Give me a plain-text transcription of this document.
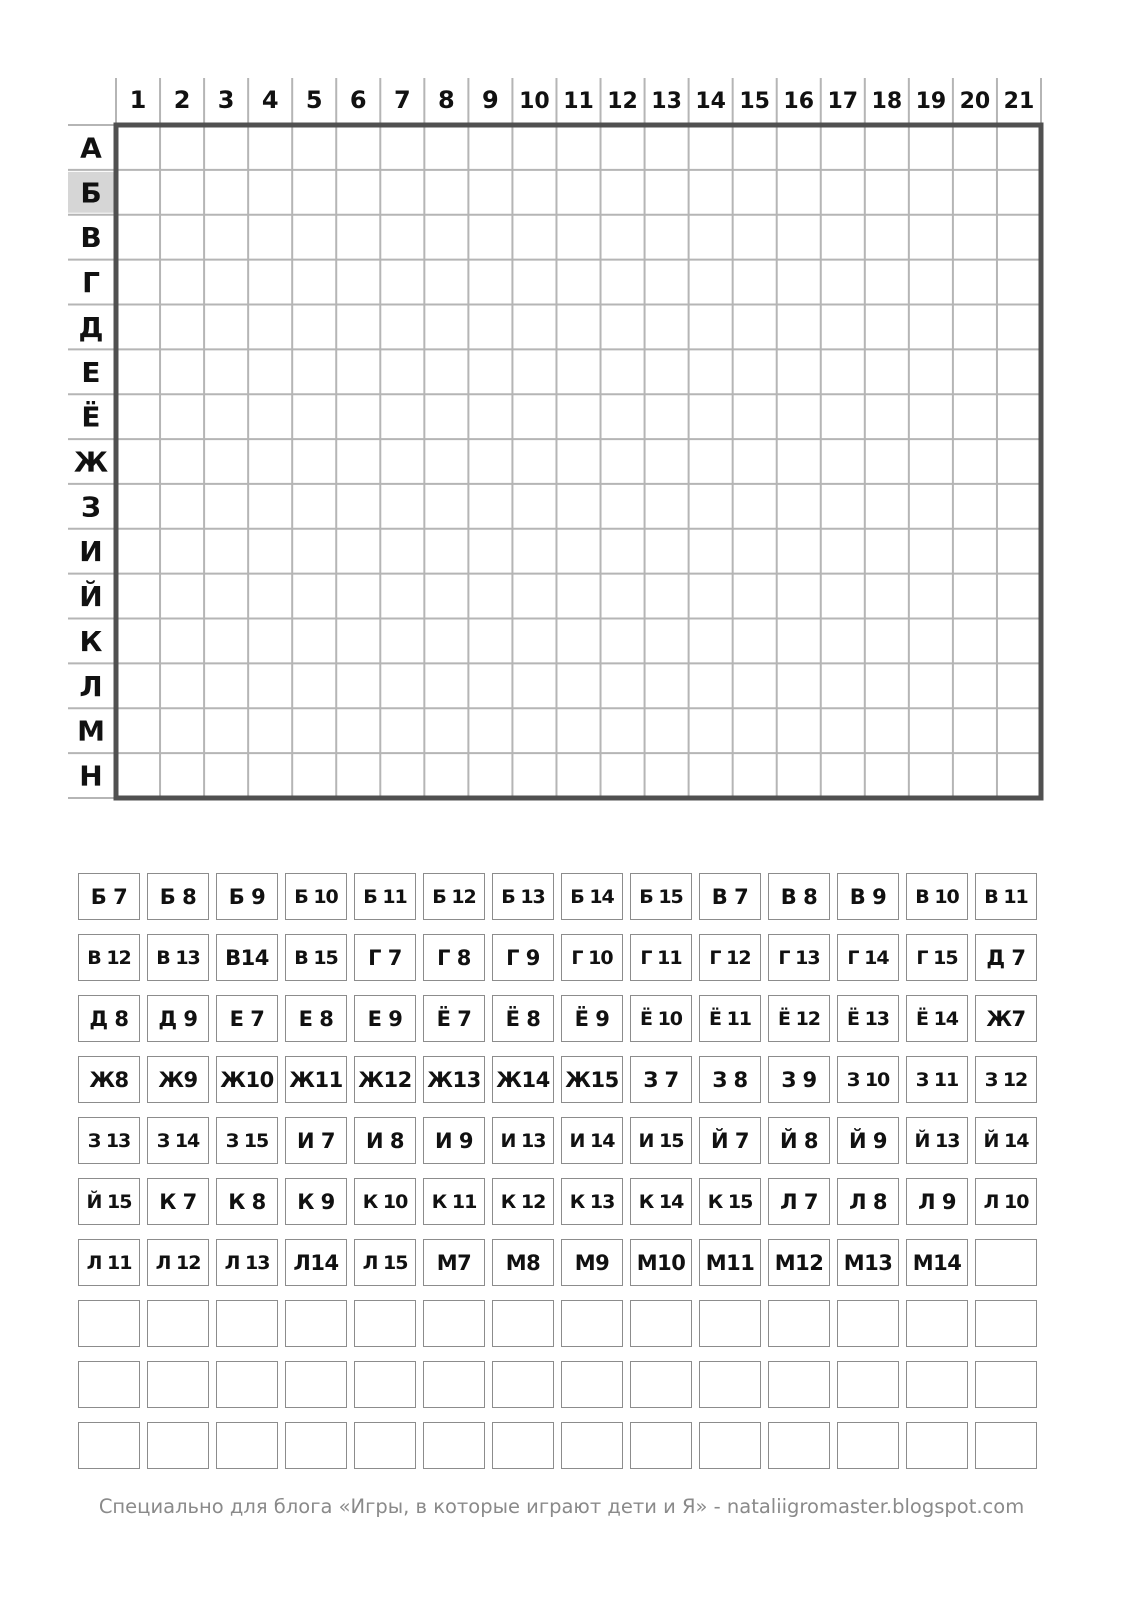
1 2 3 4 5 6 7 8 9 10 11 12 13 14 15 16 17 18 19 20 21
А
Б
В
Г
Д
Е
Ё
Ж
З
И
Й
К
Л
М
Н
Б 7	Б 8	Б 9	Б 10	Б 11	Б 12	Б 13	Б 14	Б 15	В 7	В 8	В 9	В 10	В 11
В 12	В 13	В14	В 15	Г 7	Г 8	Г 9	Г 10	Г 11	Г 12	Г 13	Г 14	Г 15	Д 7
Д 8	Д 9	Е 7	Е 8	Е 9	Ё 7	Ё 8	Ё 9	Ё 10	Ё 11	Ё 12	Ё 13	Ё 14	Ж7
Ж8	Ж9	Ж10 Ж11 Ж12 Ж13 Ж14 Ж15	З 7	З 8	З 9	З 10	З 11	З 12
З 13	З 14	З 15	И 7	И 8	И 9	И 13	И 14	И 15	Й 7	Й 8	Й 9	Й 13	Й 14
Й 15	К 7	К 8	К 9	К 10	К 11	К 12	К 13	К 14	К 15	Л 7	Л 8	Л 9	Л 10
Л 11	Л 12	Л 13	Л14	Л 15	М7	М8	М9	М10 М11 М12 М13 М14
Специально для блога «Игры, в которые играют дети и Я» - nataliigromaster.blogspot.com
